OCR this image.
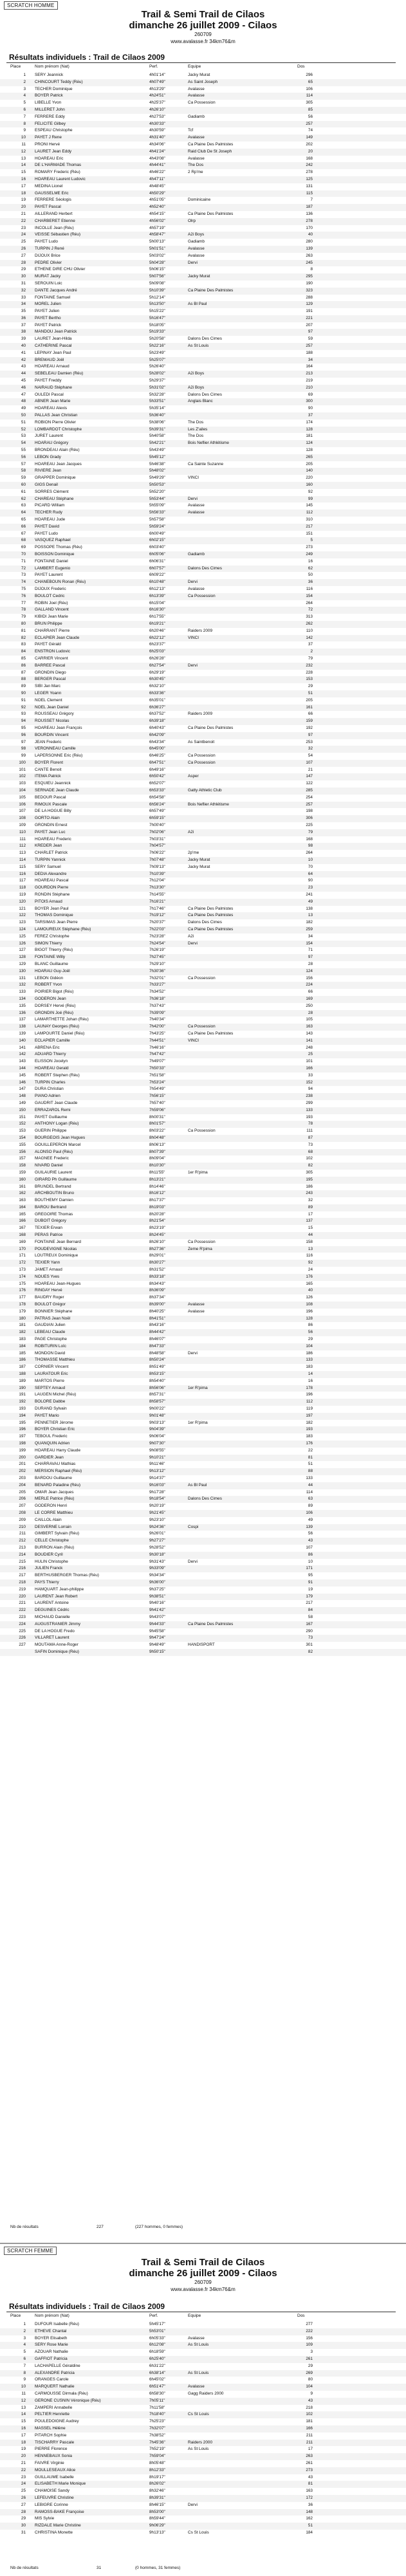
SCRATCH HOMME
Trail & Semi Trail de Cilaos
dimanche 26 juillet 2009 - Cilaos
260709
www.avalasse.fr 34km76&m
Résultats individuels : Trail de Cilaos 2009
Place	Nom prénom (Nat)	Perf.	Equipe	Dos
1 SERY Jeannick	4h01'14"	Jacky Murat	296
2 CHINCOURT Teddy (Réu)	4h07'49"	As Saint Joseph	65
3 TECHER Dominique	4h13'29"	Avalasse	106
4 BOYER Patrick	4h24'51"	Avalasse	114
5 LIBELLE Yvon	4h25'37"	Ca Possession	305
6 MILLERET John	4h26'10"	85
7 FERRERE Eddy	4h27'53"	Gadiamb	56
8 FELICITE Gilbey	4h30'33"	257
9 ESPEAU Christophe	4h30'59"	Tcf	74
10 PAYET J Rene	4h31'40"	Avalasse	149
11 PRONI Hervé	4h34'06"	Ca Plaine Des Palmistes	202
12 LAURET Jean Eddy	4h41'24"	Raid Club De St Joseph	20
13 HOAREAU Eric	4h43'08"	Avalasse	168
14 DE L'HARMADE Thomas	4h44'41"	The Dos	242
15 ROMARY Frederic (Réu)	4h46'22"	2 Rp'me	278
16 HOAREAU Laurent Ludovic	4h47'11"	125
17 MEDINA Lionel	4h48'45"	131
18 GAUSSELME Eric	4h50'29"	115
19 FERRERE Séologis	4h51'05"	Dominicaine	7
20 PAYET Pascal	4h52'40"	187
21 AILLERAND Herbert	4h54'15"	Ca Plaine Des Palmistes	136
22 CHARBERET Etienne	4h56'02"	Olrp	278
23 INCOLLE Jean (Réu)	4h57'19"	170
24 VEISSE Sébastien (Réu)	4h58'47"	A2i Boys	40
25 PAYET Ludo	5h00'13"	Gadiamb	280
26 TURPIN J René	5h01'51"	Avalasse	139
27 DIJOUX Brice	5h03'02"	Avalasse	263
28 PEDRE Olivier	5h04'28"	Dervi	245
29 ETHENE DIRE CHU Olivier	5h06'15"	8
30 MURAT Jacky	5h07'56"	Jacky Murat	295
31 SEROUIN Loic	5h09'08"	190
32 DANTE Jacques André	5h10'39"	Ca Plaine Des Palmistes	323
33 FONTAINE Samuel	5h12'14"	288
34 MOREL Julien	5h13'50"	As Bl Paul	129
35 PAYET Julien	5h15'22"	191
36 PAYET Bertho	5h16'47"	221
37 PAYET Patrick	5h18'05"	207
38 MANDOU Jean Patrick	5h19'33"	97
39 LAURET Jean-Hilda	5h20'58"	Dalons Des Cimes	59
40 CATHERINE Pascal	5h22'16"	As St Louis	257
41 LEPINAY Jean Paul	5h23'49"	188
42 BREMAUD Joël	5h25'07"	34
43 HOAREAU Arnaud	5h26'40"	164
44 SEBELEAU Damien (Réu)	5h28'02"	A2i Boys	213
45 PAYET Freddy	5h29'37"	219
46 NAIRAUD Stéphane	5h31'02"	A2i Boys	210
47 OULEDI Pascal	5h32'28"	Dalons Des Cimes	69
48 ABNER Jean Marie	5h33'51"	Anglais Blanc	300
49 HOAREAU Alexis	5h35'14"	90
50 PALLAS Jean Christian	5h36'40"	37
51 ROBION Pierre Olivier	5h38'06"	The Dos	174
52 LOMBARDOT Christophe	5h39'31"	Les Z'ailes	128
53 JURET Laurent	5h40'58"	The Dos	181
54 HOARAU Grégory	5h42'21"	Bois Neflier Athlétisme	124
55 BRONDEAU Alain (Réu)	5h43'49"	128
56 LEBON Grady	5h45'12"	265
57 HOAREAU Jean Jacques	5h46'38"	Ca Sainte Suzanne	205
58 RIVIERE Jean	5h48'02"	140
59 GRAPPER Dominique	5h49'29"	VINCI	220
60 GIGS Denail	5h50'53"	160
61 SORRES Clément	5h52'20"	92
62 CHAREAU Stéphane	5h53'44"	Dervi	99
63 PICARD William	5h55'09"	Avalasse	145
64 TECHER Rudy	5h56'33"	Avalasse	112
65 HOAREAU Jude	5h57'58"	310
66 PAYET David	5h59'24"	217
67 PAYET Ludo	6h00'49"	151
68 VASQUEZ Raphael	6h02'15"	5
69 POSSOPE Thomas (Réu)	6h03'40"	273
70 BOISSON Dominique	6h05'06"	Gadiamb	249
71 FONTAINE Daniel	6h06'31"	16
72 LAMBERT Eugenio	6h07'57"	Dalons Des Cimes	62
73 PAYET Laurent	6h09'22"	50
74 CHANEBOUN Ronan (Réu)	6h10'48"	Dervi	36
75 DIJOUX Frederic	6h12'13"	Avalasse	116
76 BOULOT Cedric	6h13'39"	Ca Possession	154
77 ROBIN Joel (Réu)	6h15'04"	264
78 GALLAND Vincent	6h16'30"	72
79 KIBIDI Jean Marie	6h17'55"	313
80 BRUN Philippe	6h19'21"	262
81 CHARRANT Pierre	6h20'46"	Raiders 2009	110
82 ECLAPIER Jean Claude	6h22'12"	VINCI	142
83 PAYET Gérald	6h23'37"	37
84 ENSTRON Ludovic	6h25'03"	2
85 CARRIER Vincent	6h26'28"	79
86 BARREE Pascal	6h27'54"	Dervi	232
87 GRONDIN Diego	6h29'19"	228
88 BERGER Pascal	6h30'45"	153
89 SIBI Jan Marc	6h32'10"	29
90 LEGER Yoann	6h33'36"	51
91 NOEL Clement	6h35'01"	205
92 NOEL Jean Daniel	6h36'27"	161
93 ROUSSEAU Grégory	6h37'52"	Raiders 2009	66
94 ROUSSET Nicolas	6h39'18"	159
95 HOAREAU Jean François	6h40'43"	Ca Plaine Des Palmistes	192
96 BOURDIN Vincent	6h42'09"	97
97 JEAN Frederic	6h43'34"	As Saintbenoit	253
98 VERONNEAU Camille	6h45'00"	32
99 LAPERSONNE Eric (Réu)	6h46'25"	Ca Possession	54
100 BOYER Florent	6h47'51"	Ca Possession	107
101 CANTE Benoit	6h49'16"	21
102 ITEMA Patrick	6h50'42"	Asper	147
103 ESQUIEU Jeannick	6h52'07"	122
104 SERNADE Jean Claude	6h53'33"	Gatty Athletic Club	285
105 BEDOUR Pascal	6h54'58"	254
106 RIMOUX Pascale	6h56'24"	Bois Neflier Athlétisme	257
107 DE LA HOGUE Billy	6h57'49"	198
108 GORTO Alain	6h59'15"	306
109 GRONDIN Ernest	7h00'40"	225
110 PAYET Jean Luc	7h02'06"	A2i	79
111 HOAREAU Frederic	7h03'31"	168
112 KREDER Jean	7h04'57"	98
113 CHARLET Patrick	7h06'22"	2p'me	264
114 TURPIN Yannick	7h07'48"	Jacky Murat	10
115 SERY Samuel	7h09'13"	Jacky Murat	70
116 DEDIA Alexandre	7h10'39"	64
117 HOAREAU Pascal	7h12'04"	90
118 GOURDON Pierre	7h13'30"	23
119 RONDIN Stéphane	7h14'55"	241
120 PITOIS Arnaud	7h16'21"	49
121 BOYER Jean Paul	7h17'46"	Ca Plaine Des Palmistes	138
122 THOMAS Dominique	7h19'12"	Ca Plaine Des Palmistes	13
123 TARSIMAS Jean Pierre	7h20'37"	Dalons Des Cimes	182
124 LAMOUREUX Stéphane (Réu)	7h22'03"	Ca Plaine Des Palmistes	259
125 FEREZ Christophe	7h23'28"	A2i	34
126 SIMON Thierry	7h24'54"	Dervi	154
127 BIGOT Thierry (Réu)	7h26'19"	71
128 FONTAINE Willy	7h27'45"	97
129 BLANC Guillaume	7h29'10"	28
130 HOARAU Guy-Joël	7h30'36"	124
131 LEBON Gidéon	7h32'01"	Ca Possession	156
132 ROBERT Yvon	7h33'27"	224
133 POIRIER Bigot (Réu)	7h34'52"	66
134 GODERON Jean	7h36'18"	169
135 DORSEY Hervé (Réu)	7h37'43"	250
136 GRONDIN Joé (Réu)	7h39'09"	28
137 LAMARTHETTE Johan (Réu)	7h40'34"	105
138 LAUNAY Georges (Réu)	7h42'00"	Ca Possession	163
139 LAMPOURTE Daniel (Réu)	7h43'25"	Ca Plaine Des Palmistes	143
140 ECLAPIER Camille	7h44'51"	VINCI	141
141 ABRENA Eric	7h46'16"	248
142 ADUARD Thierry	7h47'42"	25
143 ELISSON Jocelyn	7h49'07"	101
144 HOAREAU Gerald	7h50'33"	166
145 ROBERT Stephen (Réu)	7h51'58"	33
146 TURPIN Charles	7h53'24"	152
147 DURA Christian	7h54'49"	94
148 PIANO Adrien	7h56'15"	238
149 GAUDRIT Jean Claude	7h57'40"	299
150 ERRAZAROL Remi	7h59'06"	133
151 PAYET Guillaume	8h00'31"	193
152 ANTHONY Logan (Réu)	8h01'57"	78
153 GUERIN Philippe	8h03'22"	Ca Possession	111
154 BOURGEOIS Jean Hugues	8h04'48"	87
155 GOUILLEPERON Marcel	8h06'13"	73
156 ALONSO Paul (Réu)	8h07'39"	68
157 MAGNEE Frederic	8h09'04"	102
158 NIVARD Daniel	8h10'30"	82
159 GUILAURIE Laurent	8h11'55"	1er R'pima	305
160 GIRARD Ph Guillaume	8h13'21"	195
161 BRUNDEL Bertrand	8h14'46"	186
162 ARCHBOUTIN Bruno	8h16'12"	243
163 BOUTHEMY Damien	8h17'37"	32
164 BAROU Bertrand	8h19'03"	89
165 GREGOIRE Thomas	8h20'28"	17
166 DUBOIT Grégory	8h21'54"	137
167 TEXIER Erwan	8h23'19"	15
168 PERAS Patrice	8h24'45"	44
169 FONTAINE Jean Bernard	8h26'10"	Ca Possession	158
170 POUDEVIGNE Nicolas	8h27'36"	Zeme R'pima	13
171 LOUTREUX Dominique	8h29'01"	116
172 TEXIER Yann	8h30'27"	92
173 JAMET Arnaud	8h31'52"	24
174 NOUES Yves	8h33'18"	176
175 HOAREAU Jean-Hugues	8h34'43"	165
176 RINGAY Hervé	8h36'09"	40
177 BAUDRY Roger	8h37'34"	126
178 BOULOT Grégor	8h39'00"	Avalasse	108
179 BONNIER Stéphane	8h40'25"	Avalasse	196
180 PATRAS Jean Noël	8h41'51"	128
181 GAUDIAN Julien	8h43'16"	86
182 LEBEAU Claude	8h44'42"	56
183 PAGE Christophe	8h46'07"	29
184 ROBITURIN Loïc	8h47'33"	104
185 MONDON David	8h48'58"	Dervi	186
186 THOMASSE Matthieu	8h50'24"	133
187 CORNIER Vincent	8h51'49"	183
188 LAURATOUR Eric	8h53'15"	14
189 MARTOS Pierre	8h54'40"	16
190 SEPTEY Arnaud	8h56'06"	1er R'pima	178
191 LAUGEN Michel (Réu)	8h57'31"	196
192 BOLORE Dabbe	8h58'57"	112
193 DURAND Sylvain	9h00'22"	119
194 PAYET Mario	9h01'48"	197
195 PENNETIER Jérome	9h03'13"	1er R'pima	182
196 BOYER Christian Eric	9h04'39"	193
197 TEBOUL Frederic	9h06'04"	183
198 QUANQUIN Adrien	9h07'30"	176
199 HOAREAU Harry Claude	9h08'55"	22
200 GARDIER Jean	9h10'21"	81
201 CHARRAVAU Mathias	9h11'46"	51
202 MERSION Raphael (Réu)	9h13'12"	88
203 BARDOU Guillaume	9h14'37"	133
204 BENARD Paladine (Réu)	9h16'03"	As Bl Paul	44
205 OMAR Jean Jacques	9h17'28"	114
206 MERLE Patrice (Réu)	9h18'54"	Dalons Des Cimes	63
207 GODERON Henri	9h20'19"	89
208 LE CORRE Matthieu	9h21'45"	106
209 CAILLOL Alain	9h23'10"	49
210 DESVERNE Lorrain	9h24'36"	Cospi	139
211 GIMBERT Sylvain (Réu)	9h26'01"	56
212 CELLE Christophe	9h27'27"	43
213 BURRON Alain (Réu)	9h28'52"	107
214 BOUDIER Cyril	9h30'18"	86
215 HULIN Christophe	9h31'43"	Dervi	10
216 JULIEN Franck	9h33'09"	171
217 BERTHUSBERGER Thomas (Réu)	9h34'34"	95
218 PAYS Thierry	9h36'00"	91
219 HAMQUART Jean-philippe	9h37'25"	19
220 LAURENT Jean Robert	9h38'51"	179
221 LAURENT Antoine	9h40'16"	217
222 DEGUINES Cédric	9h41'42"	84
223 MICHAUD Danielle	9h43'07"	58
224 AUGUSTRANIER Jimmy	9h44'33"	Ca Plaine Des Palmistes	167
225 DE LA HOGUE Fredo	9h45'58"	290
226 VILLARET Laurent	9h47'24"	73
227 MOUTAMA Anne-Roger	9h48'49"	HANDISPORT	301
SAFIN Dominique (Réu)	9h50'15"	82
Nb de résultats	227	(227 hommes, 0 femmes)
SCRATCH FEMME
Trail & Semi Trail de Cilaos
dimanche 26 juillet 2009 - Cilaos
260709
www.avalasse.fr 34km76&m
Résultats individuels : Trail de Cilaos 2009
Place	Nom prénom (Nat)	Perf.	Equipe	Dos
1 DUFOUR Isabelle (Réu)	5h45'17"	277
2 ETHEVE Chantal	5h53'01"	222
3 BOYER Elisabeth	6h05'33"	Avalasse	156
4 SERY Rose Marie	6h12'08"	As St Louis	109
5 AZOUAR Nathalie	6h18'59"	3
6 GAFFIOT Patricia	6h25'40"	261
7 LACHAPELLE Géraldine	6h31'22"	29
8 ALEXANDRE Patricia	6h38'14"	As St Louis	269
9 ORANGES Carole	6h45'02"	80
10 MARQUERT Nathalie	6h51'47"	Avalasse	104
11 CARMOUSSE Dirmala (Réu)	6h58'30"	Gagg Raiders 2000	9
12 GERONE CUSNIN Véronique (Réu)	7h05'11"	43
13 ZAMPERI Annabelle	7h11'58"	218
14 PELTIER Henriette	7h18'40"	Cs St Louis	102
15 POULEDOIGNE Audrey	7h25'23"	181
16 MASSEL Hélène	7h32'07"	166
17 PITARCH Sophie	7h38'52"	211
18 TISCHARRY Pascale	7h45'36"	Raiders 2000	211
19 PIERRE Florence	7h52'19"	As St Louis	17
20 HENNEBAUX Sonia	7h59'04"	263
21 FAIVRE Virginie	8h05'48"	261
22 MOULLESEAUX Alice	8h12'33"	273
23 GUILLAUME Isabelle	8h19'17"	43
24 ELISABETH Marie Monique	8h26'02"	81
25 CHAMOISE Sandy	8h32'46"	163
26 LEFEUVRE Christine	8h39'31"	172
27 LEBIGRE Corinne	8h46'15"	Dervi	36
28 RAMOSS-BAKE Françoise	8h53'00"	148
29 MIS Sylvie	8h59'44"	162
30 RIZDALE Marie Christine	9h06'29"	51
31 CHRISTINA Monette	9h13'13"	Cs St Louis	184
Nb de résultats	31	(0 hommes, 31 femmes)
